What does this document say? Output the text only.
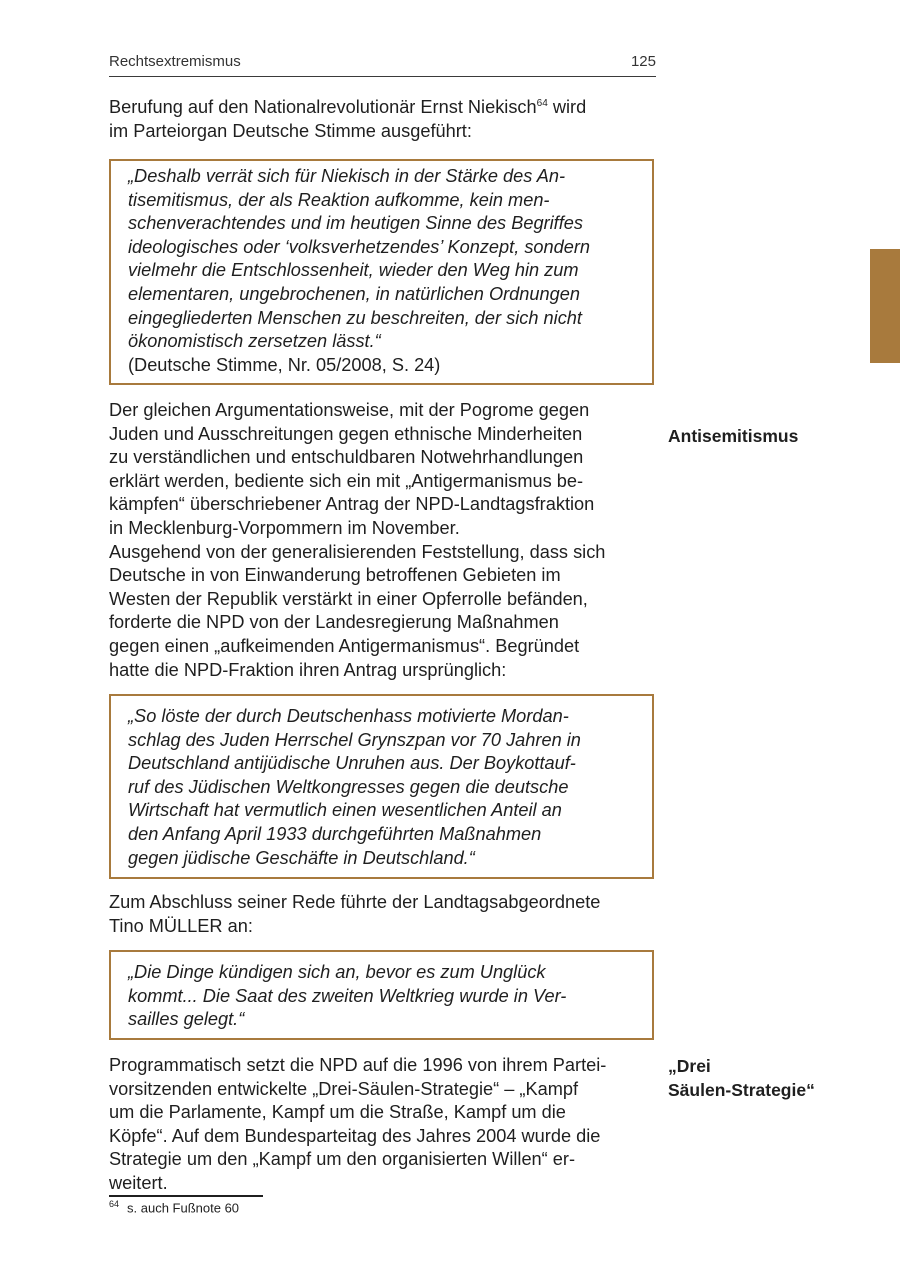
Rechtsextremismus	125
Berufung auf den Nationalrevolutionär Ernst Niekisch$^{64}$ wird
im Parteiorgan Deutsche Stimme ausgeführt:
„Deshalb verrät sich für Niekisch in der Stärke des An-
tisemitismus, der als Reaktion aufkomme, kein men-
schenverachtendes und im heutigen Sinne des Begriffes
ideologisches oder ‘volksverhetzendes’ Konzept, sondern
vielmehr die Entschlossenheit, wieder den Weg hin zum
elementaren, ungebrochenen, in natürlichen Ordnungen
eingegliederten Menschen zu beschreiten, der sich nicht
ökonomistisch zersetzen lässt.“
(Deutsche Stimme, Nr. 05/2008, S. 24)
Der gleichen Argumentationsweise, mit der Pogrome gegen
Juden und Ausschreitungen gegen ethnische Minderheiten
zu verständlichen und entschuldbaren Notwehrhandlungen
erklärt werden, bediente sich ein mit „Antigermanismus be-
kämpfen“ überschriebener Antrag der NPD-Landtagsfraktion
in Mecklenburg-Vorpommern im November.
Ausgehend von der generalisierenden Feststellung, dass sich
Deutsche in von Einwanderung betroffenen Gebieten im
Westen der Republik verstärkt in einer Opferrolle befänden,
forderte die NPD von der Landesregierung Maßnahmen
gegen einen „aufkeimenden Antigermanismus“. Begründet
hatte die NPD-Fraktion ihren Antrag ursprünglich:
Antisemitismus
„So löste der durch Deutschenhass motivierte Mordan-
schlag des Juden Herrschel Grynszpan vor 70 Jahren in
Deutschland antijüdische Unruhen aus. Der Boykottauf-
ruf des Jüdischen Weltkongresses gegen die deutsche
Wirtschaft hat vermutlich einen wesentlichen Anteil an
den Anfang April 1933 durchgeführten Maßnahmen
gegen jüdische Geschäfte in Deutschland.“
Zum Abschluss seiner Rede führte der Landtagsabgeordnete
Tino MÜLLER an:
„Die Dinge kündigen sich an, bevor es zum Unglück
kommt... Die Saat des zweiten Weltkrieg wurde in Ver-
sailles gelegt.“
Programmatisch setzt die NPD auf die 1996 von ihrem Partei-
vorsitzenden entwickelte „Drei-Säulen-Strategie“ – „Kampf
um die Parlamente, Kampf um die Straße, Kampf um die
Köpfe“. Auf dem Bundesparteitag des Jahres 2004 wurde die
Strategie um den „Kampf um den organisierten Willen“ er-
weitert.
„Drei
Säulen-Strategie“
$^{64}$ s. auch Fußnote 60
